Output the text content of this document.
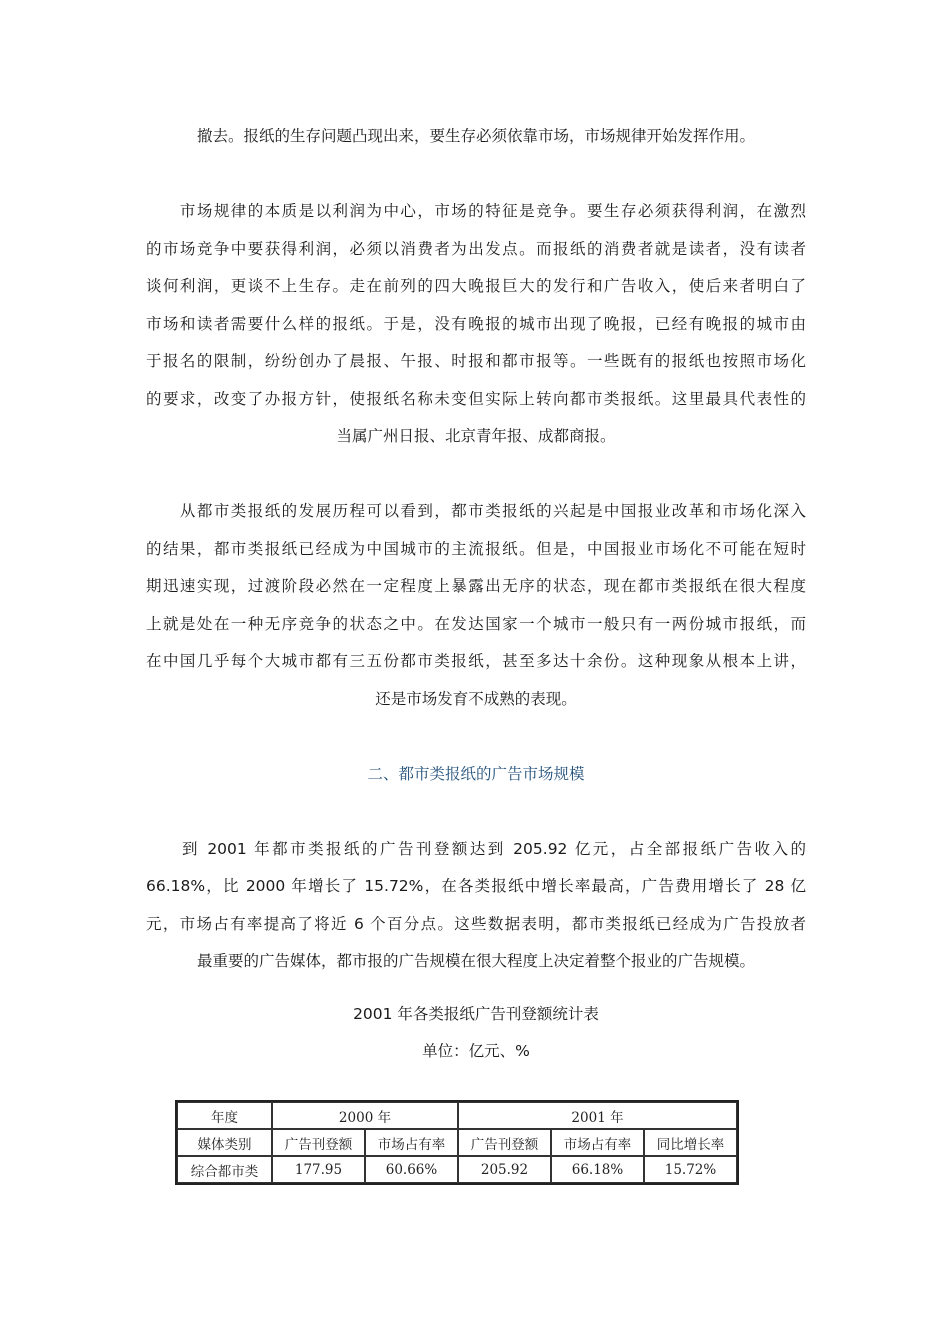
撤去。报纸的生存问题凸现出来，要生存必须依靠市场，市场规律开始发挥作用。
　　市场规律的本质是以利润为中心，市场的特征是竞争。要生存必须获得利润，在激烈
的市场竞争中要获得利润，必须以消费者为出发点。而报纸的消费者就是读者，没有读者
谈何利润，更谈不上生存。走在前列的四大晚报巨大的发行和广告收入，使后来者明白了
市场和读者需要什么样的报纸。于是，没有晚报的城市出现了晚报，已经有晚报的城市由
于报名的限制，纷纷创办了晨报、午报、时报和都市报等。一些既有的报纸也按照市场化
的要求，改变了办报方针，使报纸名称未变但实际上转向都市类报纸。这里最具代表性的
当属广州日报、北京青年报、成都商报。
　　从都市类报纸的发展历程可以看到，都市类报纸的兴起是中国报业改革和市场化深入
的结果，都市类报纸已经成为中国城市的主流报纸。但是，中国报业市场化不可能在短时
期迅速实现，过渡阶段必然在一定程度上暴露出无序的状态，现在都市类报纸在很大程度
上就是处在一种无序竞争的状态之中。在发达国家一个城市一般只有一两份城市报纸，而
在中国几乎每个大城市都有三五份都市类报纸，甚至多达十余份。这种现象从根本上讲，
还是市场发育不成熟的表现。
二、都市类报纸的广告市场规模
　　到 2001 年都市类报纸的广告刊登额达到 205.92 亿元，占全部报纸广告收入的
66.18%，比 2000 年增长了 15.72%，在各类报纸中增长率最高，广告费用增长了 28 亿
元，市场占有率提高了将近 6 个百分点。这些数据表明，都市类报纸已经成为广告投放者
最重要的广告媒体，都市报的广告规模在很大程度上决定着整个报业的广告规模。
2001 年各类报纸广告刊登额统计表
单位：亿元、%
年度	2000 年		2001 年		
媒体类别	广告刊登额	市场占有率	广告刊登额	市场占有率	同比增长率
综合都市类	177.95	60.66%	205.92	66.18%	15.72%
